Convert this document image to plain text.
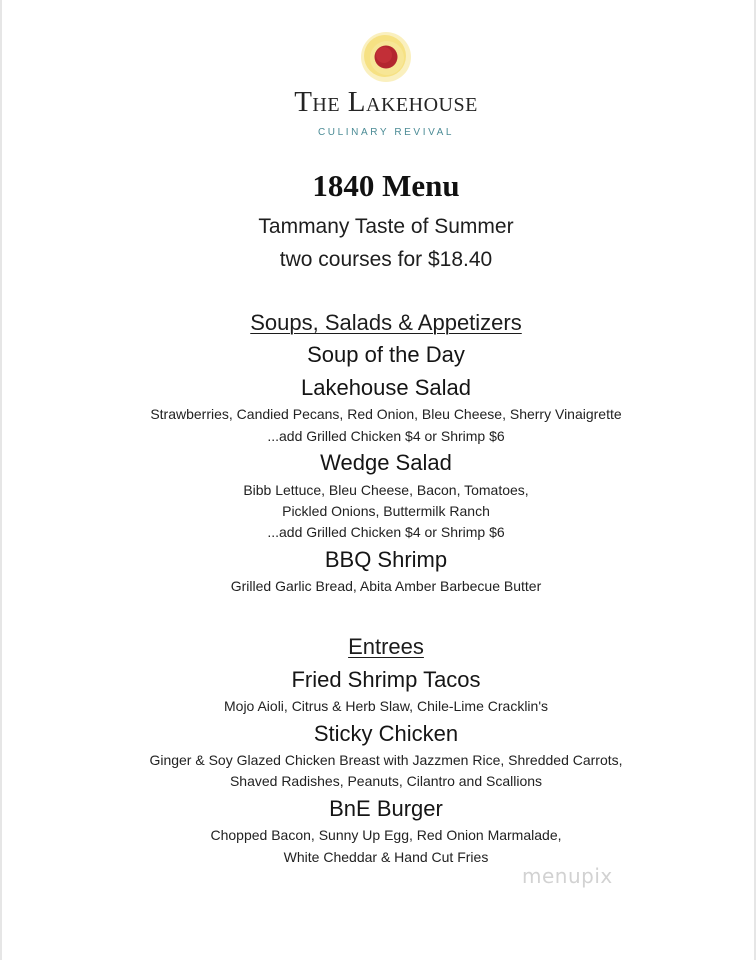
The Lakehouse
CULINARY REVIVAL
1840 Menu
Tammany Taste of Summer
two courses for $18.40
Soups, Salads & Appetizers
Soup of the Day
Lakehouse Salad
Strawberries, Candied Pecans, Red Onion, Bleu Cheese, Sherry Vinaigrette
...add Grilled Chicken $4 or Shrimp $6
Wedge Salad
Bibb Lettuce, Bleu Cheese, Bacon, Tomatoes,
Pickled Onions, Buttermilk Ranch
...add Grilled Chicken $4 or Shrimp $6
BBQ Shrimp
Grilled Garlic Bread, Abita Amber Barbecue Butter
Entrees
Fried Shrimp Tacos
Mojo Aioli, Citrus & Herb Slaw, Chile-Lime Cracklin's
Sticky Chicken
Ginger & Soy Glazed Chicken Breast with Jazzmen Rice, Shredded Carrots,
Shaved Radishes, Peanuts, Cilantro and Scallions
BnE Burger
Chopped Bacon, Sunny Up Egg, Red Onion Marmalade,
White Cheddar & Hand Cut Fries
menupix
